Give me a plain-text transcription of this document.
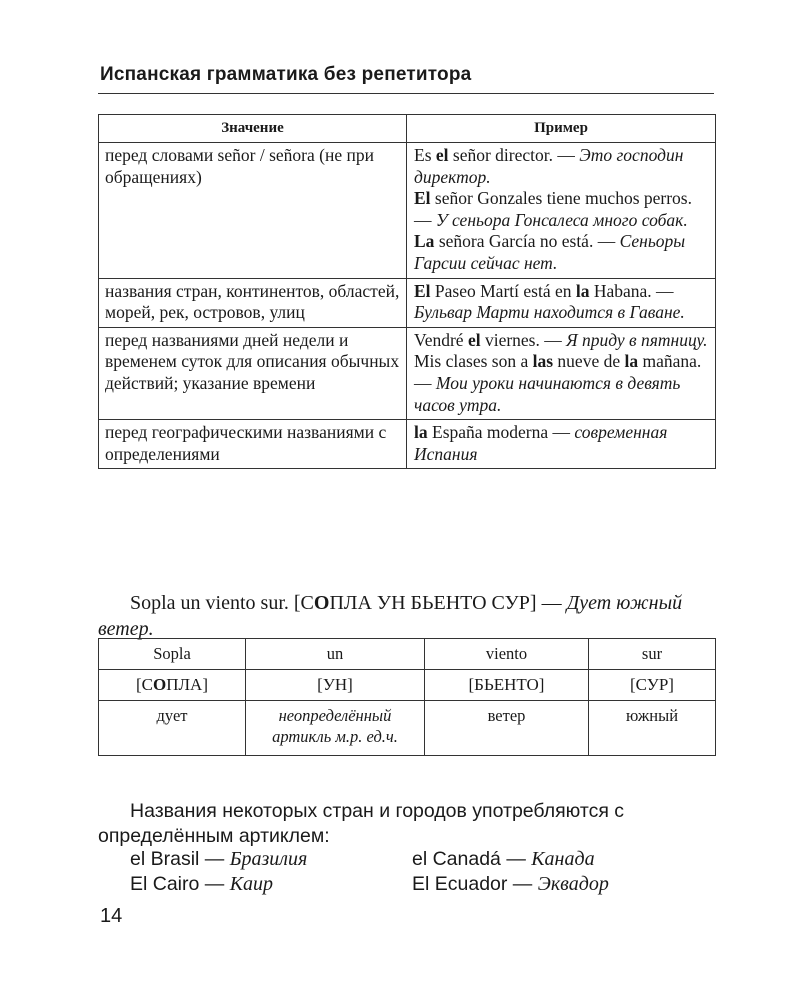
Испанская грамматика без репетитора
Значение	Пример
перед словами señor / señora (не при обращениях)	Es el señor director. — Это господин директор.
El señor Gonzales tiene muchos perros. — У сеньора Гонсалеса много собак.
La señora García no está. — Сеньоры Гарсии сейчас нет.
названия стран, континентов, областей, морей, рек, островов, улиц	El Paseo Martí está en la Habana. — Бульвар Марти находится в Гаване.
перед названиями дней недели и временем суток для описания обычных действий; указание времени	Vendré el viernes. — Я приду в пятницу.
Mis clases son a las nueve de la mañana. — Мои уроки начинаются в девять часов утра.
перед географическими названиями с определениями	la España moderna — современная Испания
Sopla un viento sur. [СОПЛА УН БЬЕНТО СУР] — Дует южный ветер.
Sopla	un	viento	sur
[СОПЛА]	[УН]	[БЬЕНТО]	[СУР]
дует	неопределённый артикль м.р. ед.ч.	ветер	южный
Названия некоторых стран и городов употребляются с определённым артиклем:
el Brasil — Бразилия	el Canadá — Канада
El Cairo — Каир	El Ecuador — Эквадор
14
